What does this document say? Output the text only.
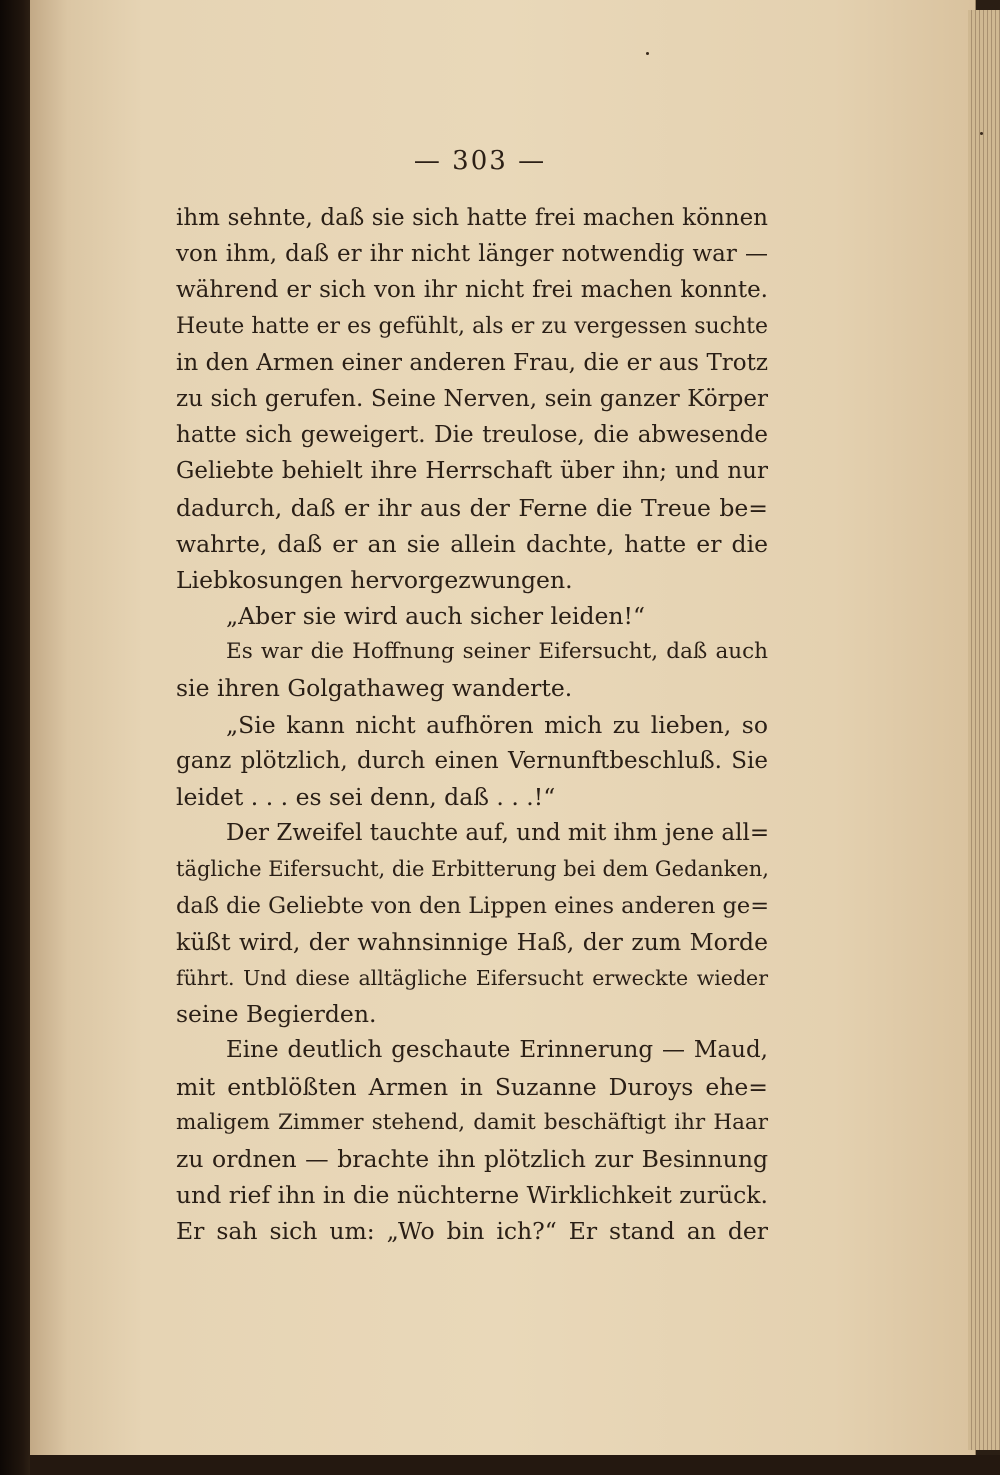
— 303 —
ihm sehnte, daß sie sich hatte frei machen können
von ihm, daß er ihr nicht länger notwendig war —
während er sich von ihr nicht frei machen konnte.
Heute hatte er es gefühlt, als er zu vergessen suchte
in den Armen einer anderen Frau, die er aus Trotz
zu sich gerufen. Seine Nerven, sein ganzer Körper
hatte sich geweigert. Die treulose, die abwesende
Geliebte behielt ihre Herrschaft über ihn; und nur
dadurch, daß er ihr aus der Ferne die Treue be=
wahrte, daß er an sie allein dachte, hatte er die
Liebkosungen hervorgezwungen.
„Aber sie wird auch sicher leiden!“
Es war die Hoffnung seiner Eifersucht, daß auch
sie ihren Golgathaweg wanderte.
„Sie kann nicht aufhören mich zu lieben, so
ganz plötzlich, durch einen Vernunftbeschluß. Sie
leidet . . . es sei denn, daß . . .!“
Der Zweifel tauchte auf, und mit ihm jene all=
tägliche Eifersucht, die Erbitterung bei dem Gedanken,
daß die Geliebte von den Lippen eines anderen ge=
küßt wird, der wahnsinnige Haß, der zum Morde
führt. Und diese alltägliche Eifersucht erweckte wieder
seine Begierden.
Eine deutlich geschaute Erinnerung — Maud,
mit entblößten Armen in Suzanne Duroys ehe=
maligem Zimmer stehend, damit beschäftigt ihr Haar
zu ordnen — brachte ihn plötzlich zur Besinnung
und rief ihn in die nüchterne Wirklichkeit zurück.
Er sah sich um: „Wo bin ich?“ Er stand an der
